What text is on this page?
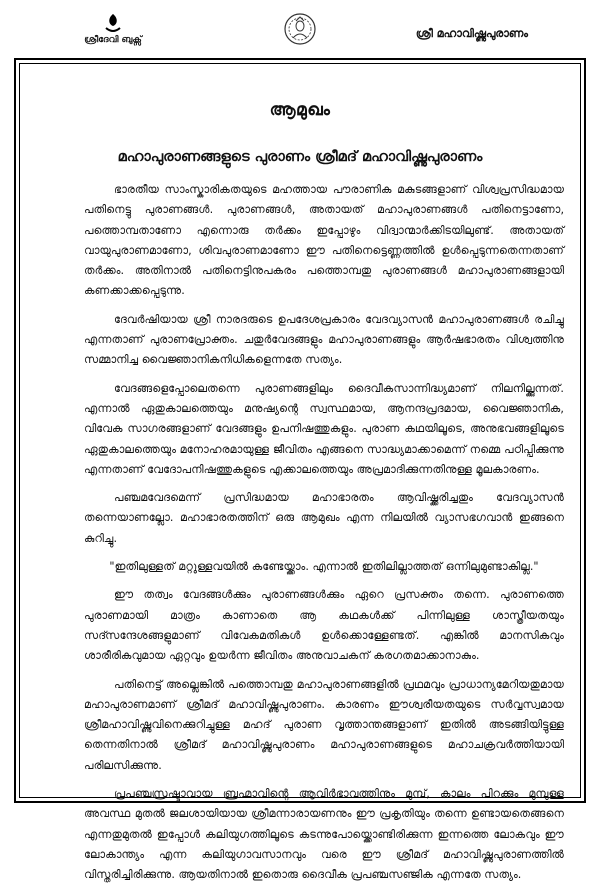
ശ്രീദേവി ബുക്സ്	ശ്രീ മഹാവിഷ്ണുപുരാണം
ആമുഖം
മഹാപുരാണങ്ങളുടെ പുരാണം ശ്രീമദ് മഹാവിഷ്ണുപുരാണം

ഭാരതീയ സാംസ്കാരികതയുടെ മഹത്തായ പൗരാണിക മകുടങ്ങളാണ് വിശ്വപ്രസിദ്ധമായ പതിനെട്ടു പുരാണങ്ങൾ. പുരാണങ്ങൾ, അതായത് മഹാപുരാണങ്ങൾ പതിനെട്ടാണോ, പത്തൊമ്പതാണോ എന്നൊരു തർക്കം ഇപ്പോഴും വിദ്വാന്മാർക്കിടയിലുണ്ട്. അതായത് വായുപുരാണമാണോ, ശിവപുരാണമാണോ ഈ പതിനെട്ടെണ്ണത്തിൽ ഉൾപ്പെടുന്നതെന്നതാണ് തർക്കം. അതിനാൽ പതിനെട്ടിനുപകരം പത്തൊമ്പതു പുരാണങ്ങൾ മഹാപുരാണങ്ങളായി കണക്കാക്കപ്പെടുന്നു.

ദേവർഷിയായ ശ്രീ നാരദരുടെ ഉപദേശപ്രകാരം വേദവ്യാസൻ മഹാപുരാണങ്ങൾ രചിച്ചു എന്നതാണ് പുരാണപ്രോക്തം. ചതുർവേദങ്ങളും മഹാപുരാണങ്ങളും ആർഷഭാരതം വിശ്വത്തിനു സമ്മാനിച്ച വൈജ്ഞാനികനിധികളെന്നതേ സത്യം.

വേദങ്ങളെപ്പോലെതന്നെ പുരാണങ്ങളിലും ദൈവീകസാന്നിദ്ധ്യമാണ് നിലനില്ക്കുന്നത്. എന്നാൽ ഏതുകാലത്തെയും മനുഷ്യന്റെ സ്വസ്ഥമായ, ആനന്ദപ്രദമായ, വൈജ്ഞാനിക, വിവേക സാഗരങ്ങളാണ് വേദങ്ങളും ഉപനിഷത്തുകളും. പുരാണ കഥയിലൂടെ, അനുഭവങ്ങളിലൂടെ ഏതുകാലത്തെയും മനോഹരമായുള്ള ജീവിതം എങ്ങനെ സാദ്ധ്യമാക്കാമെന്ന് നമ്മെ പഠിപ്പിക്കുന്നു എന്നതാണ് വേദോപനിഷത്തുകളുടെ എക്കാലത്തെയും അപ്രമാദിക്കുന്നതിനുള്ള മൂലകാരണം.

പഞ്ചമവേദമെന്ന് പ്രസിദ്ധമായ മഹാഭാരതം ആവിഷ്ക്കരിച്ചതും വേദവ്യാസൻ തന്നെയാണല്ലോ. മഹാഭാരതത്തിന് ഒരു ആമുഖം എന്ന നിലയിൽ വ്യാസഭഗവാൻ ഇങ്ങനെ കുറിച്ചു.

"ഇതിലുള്ളത് മറ്റുള്ളവയിൽ കണ്ടേയ്ക്കാം. എന്നാൽ ഇതിലില്ലാത്തത് ഒന്നിലുമുണ്ടാകില്ല."

ഈ തത്വം വേദങ്ങൾക്കും പുരാണങ്ങൾക്കും ഏറെ പ്രസക്തം തന്നെ. പുരാണത്തെ പുരാണമായി മാത്രം കാണാതെ ആ കഥകൾക്ക് പിന്നിലുള്ള ശാസ്ത്രീയതയും സദ്സന്ദേശങ്ങളുമാണ് വിവേകമതികൾ ഉൾക്കൊള്ളേണ്ടത്. എങ്കിൽ മാനസികവും ശാരീരികവുമായ ഏറ്റവും ഉയർന്ന ജീവിതം അനുവാചകന് കരഗതമാക്കാനാകും.

പതിനെട്ട് അല്ലെങ്കിൽ പത്തൊമ്പതു മഹാപുരാണങ്ങളിൽ പ്രഥമവും പ്രാധാന്യമേറിയതുമായ മഹാപുരാണമാണ് ശ്രീമദ് മഹാവിഷ്ണുപുരാണം. കാരണം ഈശ്വരീയതയുടെ സർവ്വസ്വമായ ശ്രീമഹാവിഷ്ണുവിനെക്കുറിച്ചുള്ള മഹദ് പുരാണ വൃത്താന്തങ്ങളാണ് ഇതിൽ അടങ്ങിയിട്ടുള്ള തെന്നതിനാൽ ശ്രീമദ് മഹാവിഷ്ണുപുരാണം മഹാപുരാണങ്ങളുടെ മഹാചക്രവർത്തിയായി പരിലസിക്കുന്നു.

പ്രപഞ്ചസ്രഷ്ടാവായ ബ്രഹ്മാവിന്റെ ആവിർഭാവത്തിനും മുമ്പ്, കാലം പിറക്കും മുമ്പുള്ള അവസ്ഥ മുതൽ ജലശായിയായ ശ്രീമന്നാരായണനും ഈ പ്രകൃതിയും തന്നെ ഉണ്ടായതെങ്ങനെ എന്നതുമുതൽ ഇപ്പോൾ കലിയുഗത്തിലൂടെ കടന്നുപോയ്ക്കൊണ്ടിരിക്കുന്ന ഇന്നത്തെ ലോകവും ഈ ലോകാന്ത്യം എന്ന കലിയുഗാവസാനവും വരെ ഈ ശ്രീമദ് മഹാവിഷ്ണുപുരാണത്തിൽ വിസ്തരിച്ചിരിക്കുന്നു. ആയതിനാൽ ഇതൊരു ദൈവീക പ്രപഞ്ചസഞ്ജിക എന്നതേ സത്യം.
